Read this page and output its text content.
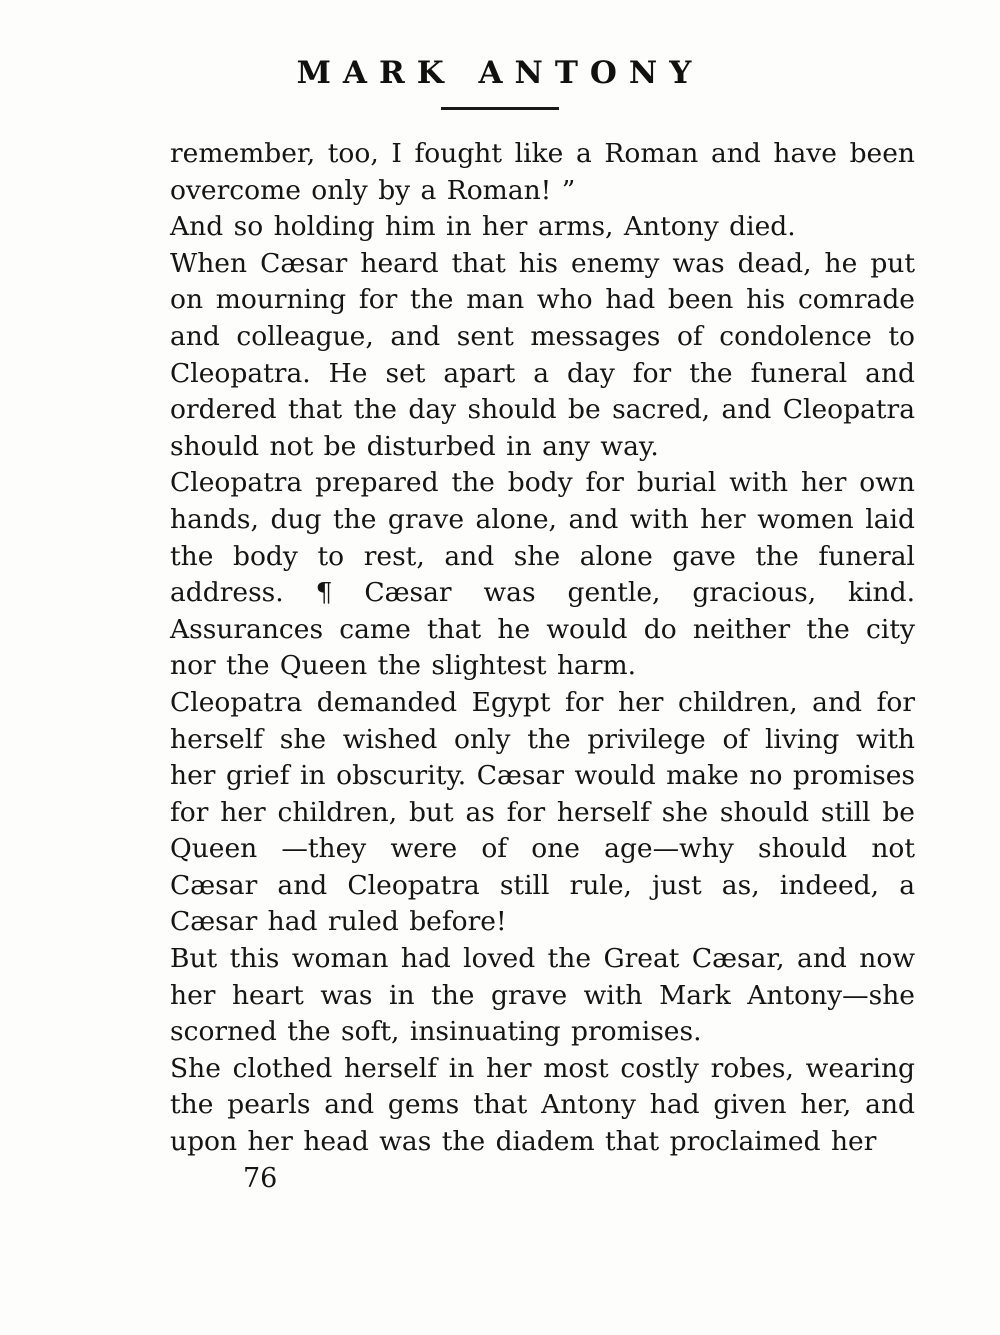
MARK ANTONY

remember, too, I fought like a Roman and have been overcome only by a Roman! ”

And so holding him in her arms, Antony died.

When Cæsar heard that his enemy was dead, he put on mourning for the man who had been his comrade and colleague, and sent messages of condolence to Cleopatra. He set apart a day for the funeral and ordered that the day should be sacred, and Cleopatra should not be disturbed in any way.

Cleopatra prepared the body for burial with her own hands, dug the grave alone, and with her women laid the body to rest, and she alone gave the funeral address. ¶ Cæsar was gentle, gracious, kind. Assurances came that he would do neither the city nor the Queen the slightest harm.

Cleopatra demanded Egypt for her children, and for herself she wished only the privilege of living with her grief in obscurity. Cæsar would make no promises for her children, but as for herself she should still be Queen —they were of one age—why should not Cæsar and Cleopatra still rule, just as, indeed, a Cæsar had ruled before!

But this woman had loved the Great Cæsar, and now her heart was in the grave with Mark Antony—she scorned the soft, insinuating promises.

She clothed herself in her most costly robes, wearing the pearls and gems that Antony had given her, and upon her head was the diadem that proclaimed her

76
